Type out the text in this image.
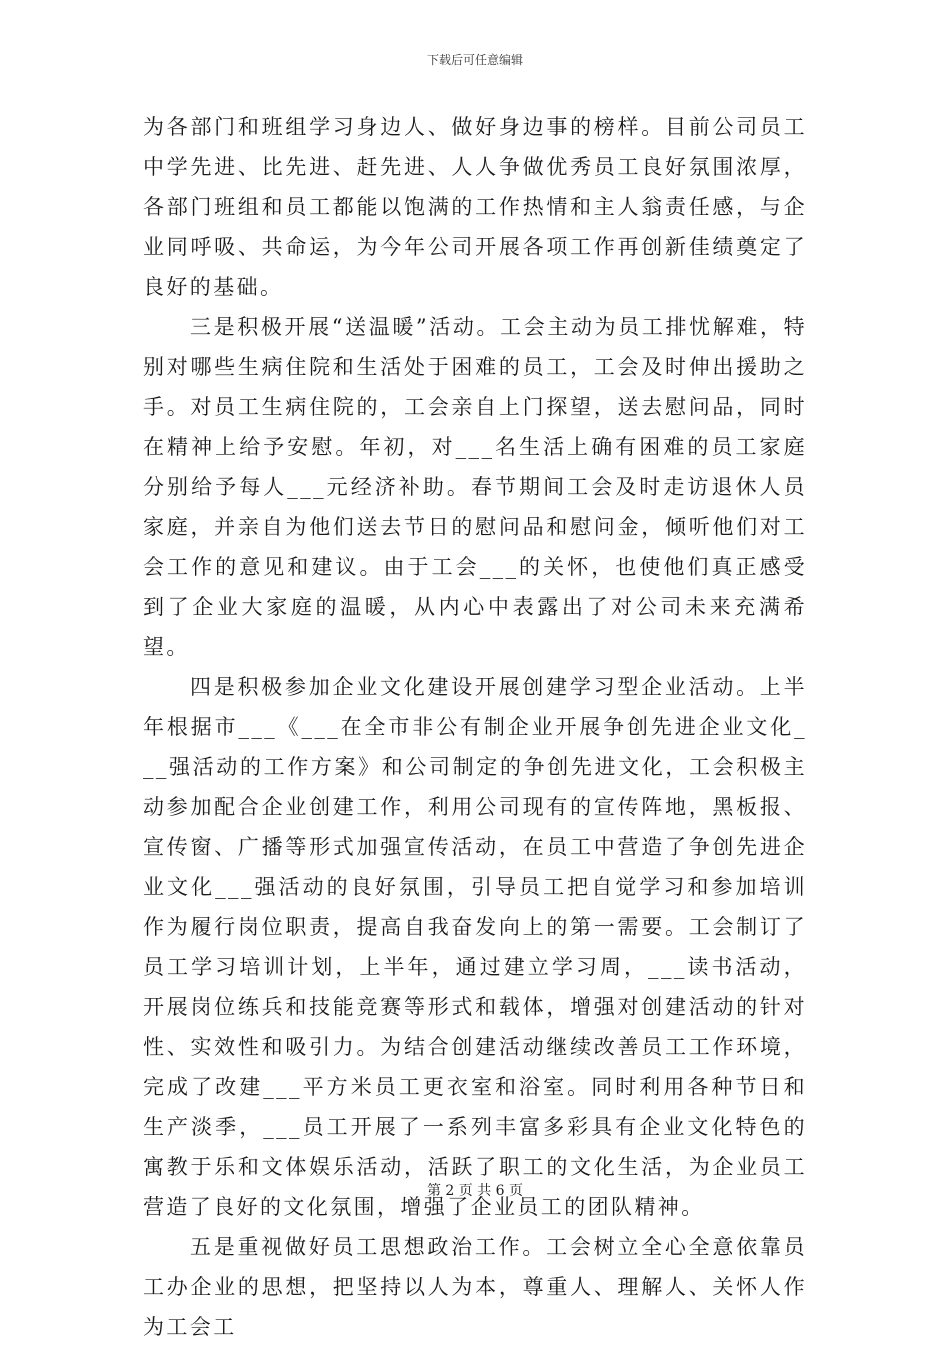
下载后可任意编辑

为各部门和班组学习身边人、做好身边事的榜样。目前公司员工中学先进、比先进、赶先进、人人争做优秀员工良好氛围浓厚，各部门班组和员工都能以饱满的工作热情和主人翁责任感，与企业同呼吸、共命运，为今年公司开展各项工作再创新佳绩奠定了良好的基础。

三是积极开展“送温暖”活动。工会主动为员工排忧解难，特别对哪些生病住院和生活处于困难的员工，工会及时伸出援助之手。对员工生病住院的，工会亲自上门探望，送去慰问品，同时在精神上给予安慰。年初，对___名生活上确有困难的员工家庭分别给予每人___元经济补助。春节期间工会及时走访退休人员家庭，并亲自为他们送去节日的慰问品和慰问金，倾听他们对工会工作的意见和建议。由于工会___的关怀，也使他们真正感受到了企业大家庭的温暖，从内心中表露出了对公司未来充满希望。

四是积极参加企业文化建设开展创建学习型企业活动。上半年根据市___《___在全市非公有制企业开展争创先进企业文化___强活动的工作方案》和公司制定的争创先进文化，工会积极主动参加配合企业创建工作，利用公司现有的宣传阵地，黑板报、宣传窗、广播等形式加强宣传活动，在员工中营造了争创先进企业文化___强活动的良好氛围，引导员工把自觉学习和参加培训作为履行岗位职责，提高自我奋发向上的第一需要。工会制订了员工学习培训计划，上半年，通过建立学习周，___读书活动，开展岗位练兵和技能竞赛等形式和载体，增强对创建活动的针对性、实效性和吸引力。为结合创建活动继续改善员工工作环境，完成了改建___平方米员工更衣室和浴室。同时利用各种节日和生产淡季，___员工开展了一系列丰富多彩具有企业文化特色的寓教于乐和文体娱乐活动，活跃了职工的文化生活，为企业员工营造了良好的文化氛围，增强了企业员工的团队精神。

五是重视做好员工思想政治工作。工会树立全心全意依靠员工办企业的思想，把坚持以人为本，尊重人、理解人、关怀人作为工会工

第 2 页 共 6 页
